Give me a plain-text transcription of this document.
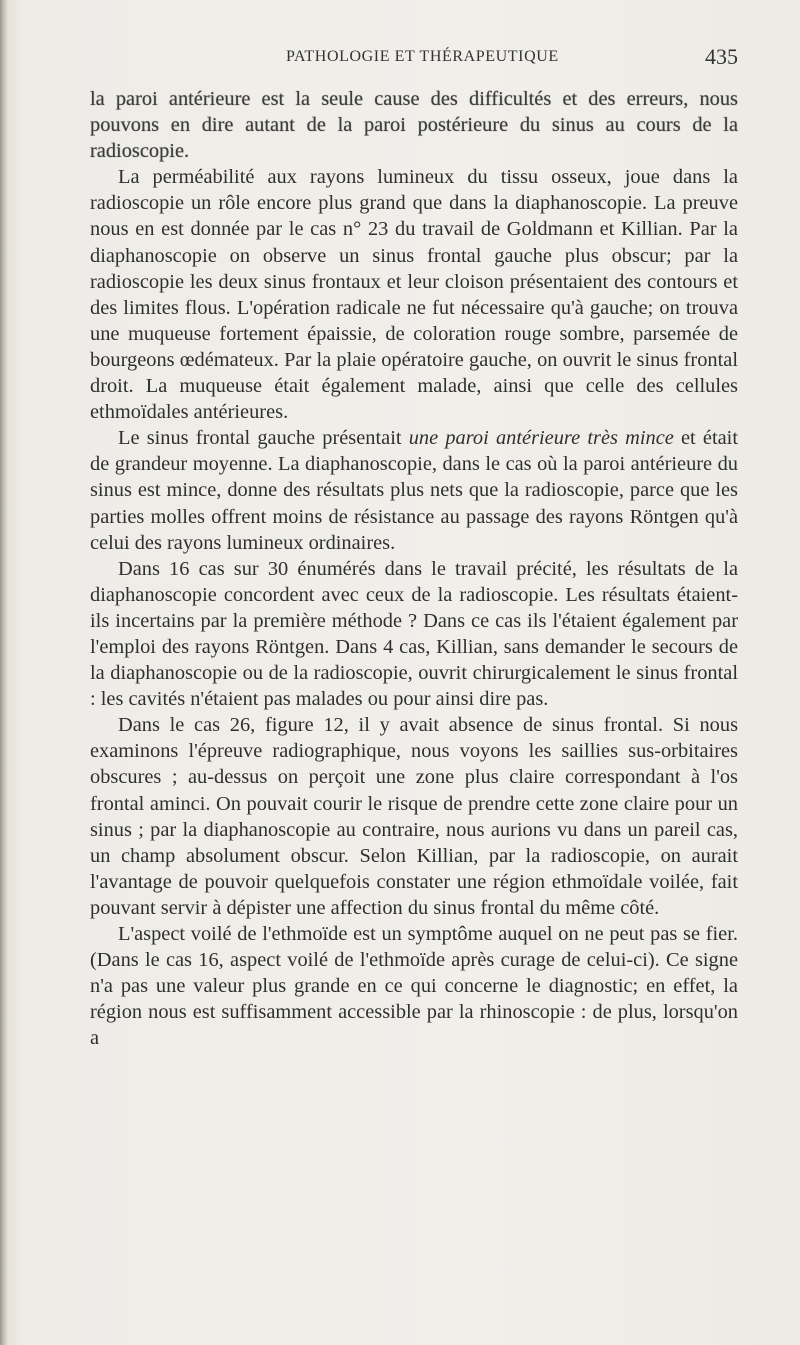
PATHOLOGIE ET THÉRAPEUTIQUE	435

la paroi antérieure est la seule cause des difficultés et des erreurs, nous pouvons en dire autant de la paroi postérieure du sinus au cours de la radioscopie.

La perméabilité aux rayons lumineux du tissu osseux, joue dans la radioscopie un rôle encore plus grand que dans la diaphanoscopie. La preuve nous en est donnée par le cas n° 23 du travail de Goldmann et Killian. Par la diaphanoscopie on observe un sinus frontal gauche plus obscur; par la radioscopie les deux sinus frontaux et leur cloison présentaient des contours et des limites flous. L'opération radicale ne fut nécessaire qu'à gauche; on trouva une muqueuse fortement épaissie, de coloration rouge sombre, parsemée de bourgeons œdémateux. Par la plaie opératoire gauche, on ouvrit le sinus frontal droit. La muqueuse était également malade, ainsi que celle des cellules ethmoïdales antérieures.

Le sinus frontal gauche présentait une paroi antérieure très mince et était de grandeur moyenne. La diaphanoscopie, dans le cas où la paroi antérieure du sinus est mince, donne des résultats plus nets que la radioscopie, parce que les parties molles offrent moins de résistance au passage des rayons Röntgen qu'à celui des rayons lumineux ordinaires.

Dans 16 cas sur 30 énumérés dans le travail précité, les résultats de la diaphanoscopie concordent avec ceux de la radioscopie. Les résultats étaient-ils incertains par la première méthode ? Dans ce cas ils l'étaient également par l'emploi des rayons Röntgen. Dans 4 cas, Killian, sans demander le secours de la diaphanoscopie ou de la radioscopie, ouvrit chirurgicalement le sinus frontal : les cavités n'étaient pas malades ou pour ainsi dire pas.

Dans le cas 26, figure 12, il y avait absence de sinus frontal. Si nous examinons l'épreuve radiographique, nous voyons les saillies sus-orbitaires obscures ; au-dessus on perçoit une zone plus claire correspondant à l'os frontal aminci. On pouvait courir le risque de prendre cette zone claire pour un sinus ; par la diaphanoscopie au contraire, nous aurions vu dans un pareil cas, un champ absolument obscur. Selon Killian, par la radioscopie, on aurait l'avantage de pouvoir quelquefois constater une région ethmoïdale voilée, fait pouvant servir à dépister une affection du sinus frontal du même côté.

L'aspect voilé de l'ethmoïde est un symptôme auquel on ne peut pas se fier. (Dans le cas 16, aspect voilé de l'ethmoïde après curage de celui-ci). Ce signe n'a pas une valeur plus grande en ce qui concerne le diagnostic; en effet, la région nous est suffisamment accessible par la rhinoscopie : de plus, lorsqu'on a
